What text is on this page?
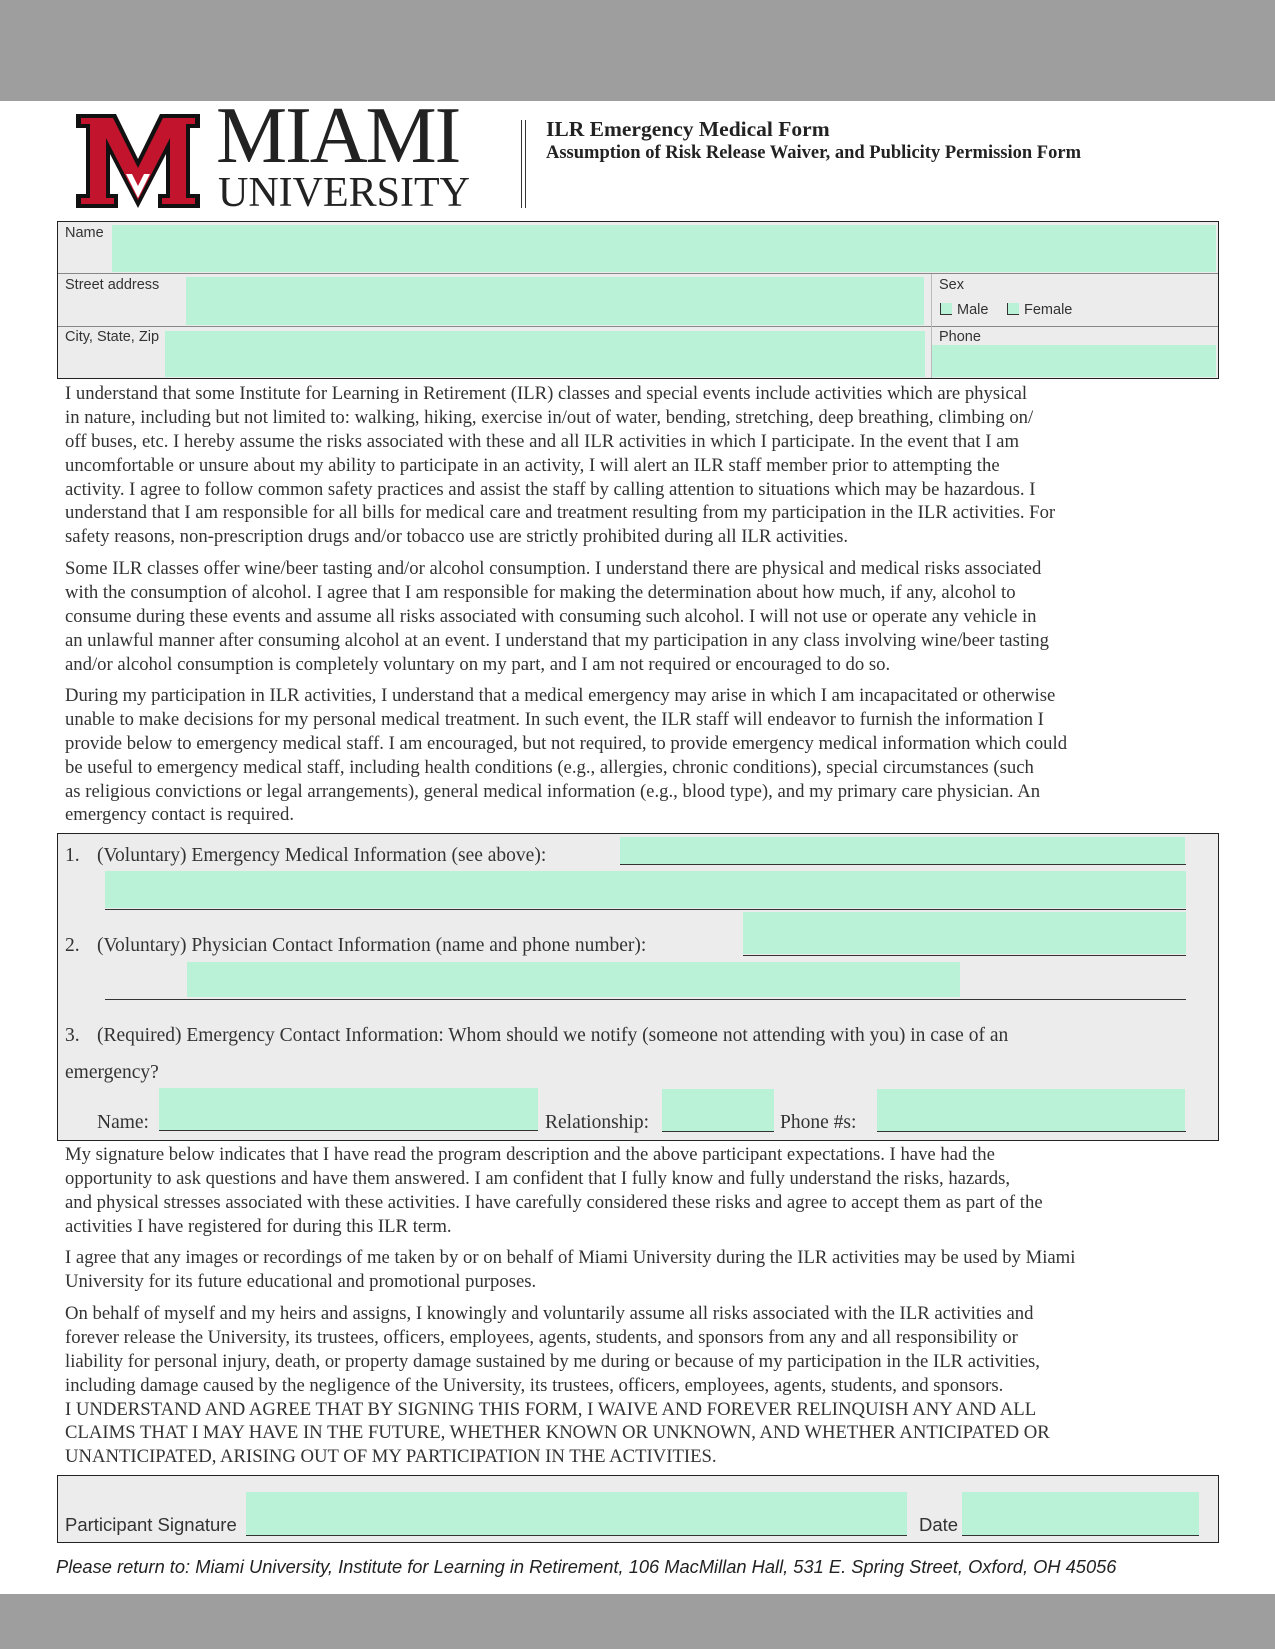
MIAMI
UNIVERSITY
ILR Emergency Medical Form
Assumption of Risk Release Waiver, and Publicity Permission Form
Name
Street address	Sex
Male Female
City, State, Zip	Phone
I understand that some Institute for Learning in Retirement (ILR) classes and special events include activities which are physical
in nature, including but not limited to: walking, hiking, exercise in/out of water, bending, stretching, deep breathing, climbing on/
off buses, etc. I hereby assume the risks associated with these and all ILR activities in which I participate. In the event that I am
uncomfortable or unsure about my ability to participate in an activity, I will alert an ILR staff member prior to attempting the
activity. I agree to follow common safety practices and assist the staff by calling attention to situations which may be hazardous. I
understand that I am responsible for all bills for medical care and treatment resulting from my participation in the ILR activities. For
safety reasons, non-prescription drugs and/or tobacco use are strictly prohibited during all ILR activities.
Some ILR classes offer wine/beer tasting and/or alcohol consumption. I understand there are physical and medical risks associated
with the consumption of alcohol. I agree that I am responsible for making the determination about how much, if any, alcohol to
consume during these events and assume all risks associated with consuming such alcohol. I will not use or operate any vehicle in
an unlawful manner after consuming alcohol at an event. I understand that my participation in any class involving wine/beer tasting
and/or alcohol consumption is completely voluntary on my part, and I am not required or encouraged to do so.
During my participation in ILR activities, I understand that a medical emergency may arise in which I am incapacitated or otherwise
unable to make decisions for my personal medical treatment. In such event, the ILR staff will endeavor to furnish the information I
provide below to emergency medical staff. I am encouraged, but not required, to provide emergency medical information which could
be useful to emergency medical staff, including health conditions (e.g., allergies, chronic conditions), special circumstances (such
as religious convictions or legal arrangements), general medical information (e.g., blood type), and my primary care physician. An
emergency contact is required.
1. (Voluntary) Emergency Medical Information (see above):
2. (Voluntary) Physician Contact Information (name and phone number):
3. (Required) Emergency Contact Information: Whom should we notify (someone not attending with you) in case of an
emergency?
Name:	Relationship:	Phone #s:
My signature below indicates that I have read the program description and the above participant expectations. I have had the
opportunity to ask questions and have them answered. I am confident that I fully know and fully understand the risks, hazards,
and physical stresses associated with these activities. I have carefully considered these risks and agree to accept them as part of the
activities I have registered for during this ILR term.
I agree that any images or recordings of me taken by or on behalf of Miami University during the ILR activities may be used by Miami
University for its future educational and promotional purposes.
On behalf of myself and my heirs and assigns, I knowingly and voluntarily assume all risks associated with the ILR activities and
forever release the University, its trustees, officers, employees, agents, students, and sponsors from any and all responsibility or
liability for personal injury, death, or property damage sustained by me during or because of my participation in the ILR activities,
including damage caused by the negligence of the University, its trustees, officers, employees, agents, students, and sponsors.
I UNDERSTAND AND AGREE THAT BY SIGNING THIS FORM, I WAIVE AND FOREVER RELINQUISH ANY AND ALL
CLAIMS THAT I MAY HAVE IN THE FUTURE, WHETHER KNOWN OR UNKNOWN, AND WHETHER ANTICIPATED OR
UNANTICIPATED, ARISING OUT OF MY PARTICIPATION IN THE ACTIVITIES.
Participant Signature	Date
Please return to: Miami University, Institute for Learning in Retirement, 106 MacMillan Hall, 531 E. Spring Street, Oxford, OH 45056
